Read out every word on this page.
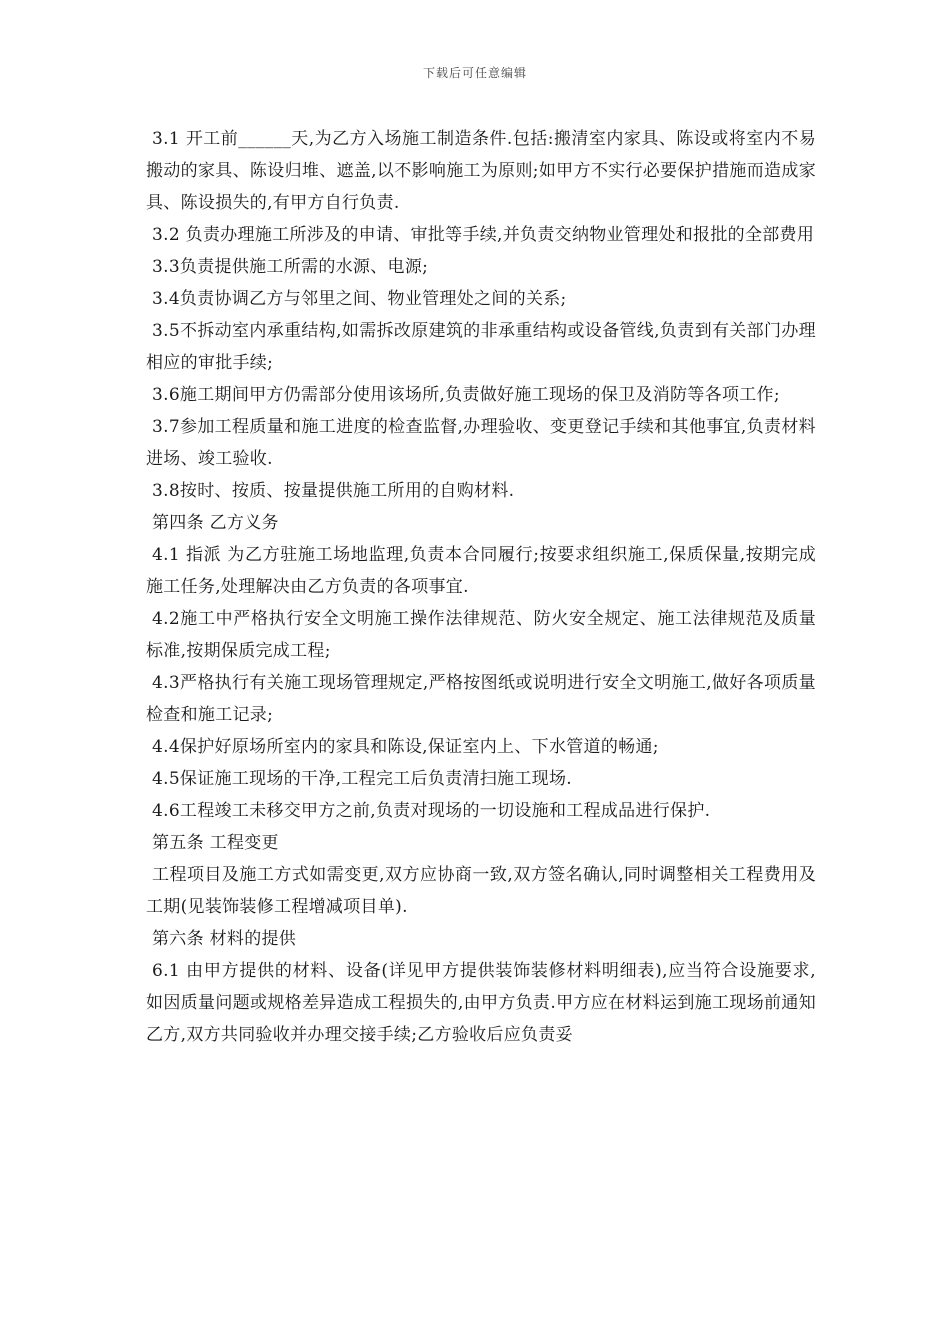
下载后可任意编辑

3.1 开工前______天,为乙方入场施工制造条件.包括:搬清室内家具、陈设或将室内不易搬动的家具、陈设归堆、遮盖,以不影响施工为原则;如甲方不实行必要保护措施而造成家具、陈设损失的,有甲方自行负责.

3.2 负责办理施工所涉及的申请、审批等手续,并负责交纳物业管理处和报批的全部费用

3.3负责提供施工所需的水源、电源;

3.4负责协调乙方与邻里之间、物业管理处之间的关系;

3.5不拆动室内承重结构,如需拆改原建筑的非承重结构或设备管线,负责到有关部门办理相应的审批手续;

3.6施工期间甲方仍需部分使用该场所,负责做好施工现场的保卫及消防等各项工作;

3.7参加工程质量和施工进度的检查监督,办理验收、变更登记手续和其他事宜,负责材料进场、竣工验收.

3.8按时、按质、按量提供施工所用的自购材料.

第四条 乙方义务

4.1 指派 为乙方驻施工场地监理,负责本合同履行;按要求组织施工,保质保量,按期完成施工任务,处理解决由乙方负责的各项事宜.

4.2施工中严格执行安全文明施工操作法律规范、防火安全规定、施工法律规范及质量标准,按期保质完成工程;

4.3严格执行有关施工现场管理规定,严格按图纸或说明进行安全文明施工,做好各项质量检查和施工记录;

4.4保护好原场所室内的家具和陈设,保证室内上、下水管道的畅通;

4.5保证施工现场的干净,工程完工后负责清扫施工现场.

4.6工程竣工未移交甲方之前,负责对现场的一切设施和工程成品进行保护.

第五条 工程变更

工程项目及施工方式如需变更,双方应协商一致,双方签名确认,同时调整相关工程费用及工期(见装饰装修工程增减项目单).

第六条 材料的提供

6.1 由甲方提供的材料、设备(详见甲方提供装饰装修材料明细表),应当符合设施要求,如因质量问题或规格差异造成工程损失的,由甲方负责.甲方应在材料运到施工现场前通知乙方,双方共同验收并办理交接手续;乙方验收后应负责妥
